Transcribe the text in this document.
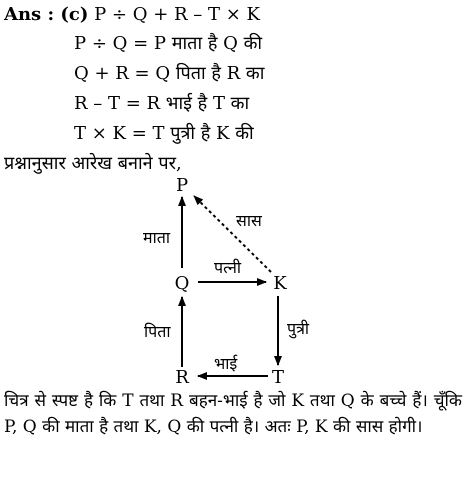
Ans : (c) P ÷ Q + R – T × K
P ÷ Q = P माता है Q की
Q + R = Q पिता है R का
R – T = R भाई है T का
T × K = T पुत्री है K की
प्रश्नानुसार आरेख बनाने पर,
P
Q	K
R	T
माता
सास
पत्नी
पिता	पुत्री
भाई
चित्र से स्पष्ट है कि T तथा R बहन-भाई है जो K तथा Q के बच्चे हैं। चूँकि P, Q की माता है तथा K, Q की पत्नी है। अतः P, K की सास होगी।
